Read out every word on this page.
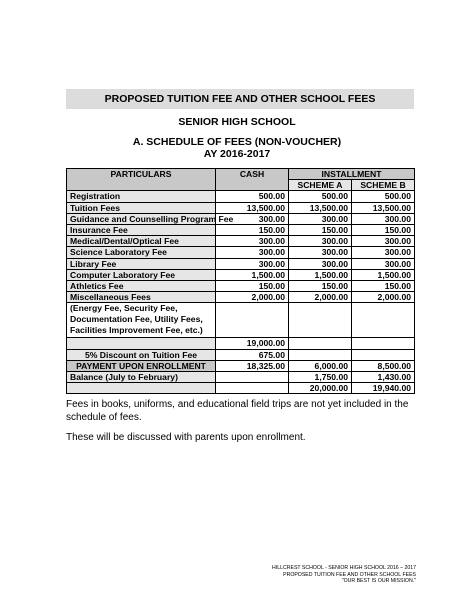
PROPOSED TUITION FEE AND OTHER SCHOOL FEES
SENIOR HIGH SCHOOL
A. SCHEDULE OF FEES (NON-VOUCHER)
AY 2016-2017
PARTICULARS	CASH	INSTALLMENT	
		SCHEME A	SCHEME B
Registration	500.00	500.00	500.00
Tuition Fees	13,500.00	13,500.00	13,500.00
Guidance and Counselling Program Fee	300.00	300.00	300.00
Insurance Fee	150.00	150.00	150.00
Medical/Dental/Optical Fee	300.00	300.00	300.00
Science Laboratory Fee	300.00	300.00	300.00
Library Fee	300.00	300.00	300.00
Computer Laboratory Fee	1,500.00	1,500.00	1,500.00
Athletics Fee	150.00	150.00	150.00
Miscellaneous Fees	2,000.00	2,000.00	2,000.00

(Energy Fee, Security Fee,
Documentation Fee, Utility Fees,
Facilities Improvement Fee, etc.)			

	19,000.00		
5% Discount on Tuition Fee	675.00		
PAYMENT UPON ENROLLMENT	18,325.00	6,000.00	8,500.00
Balance (July to February)		1,750.00	1,430.00
		20,000.00	19,940.00
Fees in books, uniforms, and educational field trips are not yet included in the schedule of fees.
These will be discussed with parents upon enrollment.
HILLCREST SCHOOL - SENIOR HIGH SCHOOL 2016 – 2017
PROPOSED TUITION FEE AND OTHER SCHOOL FEES
"OUR BEST IS OUR MISSION."
